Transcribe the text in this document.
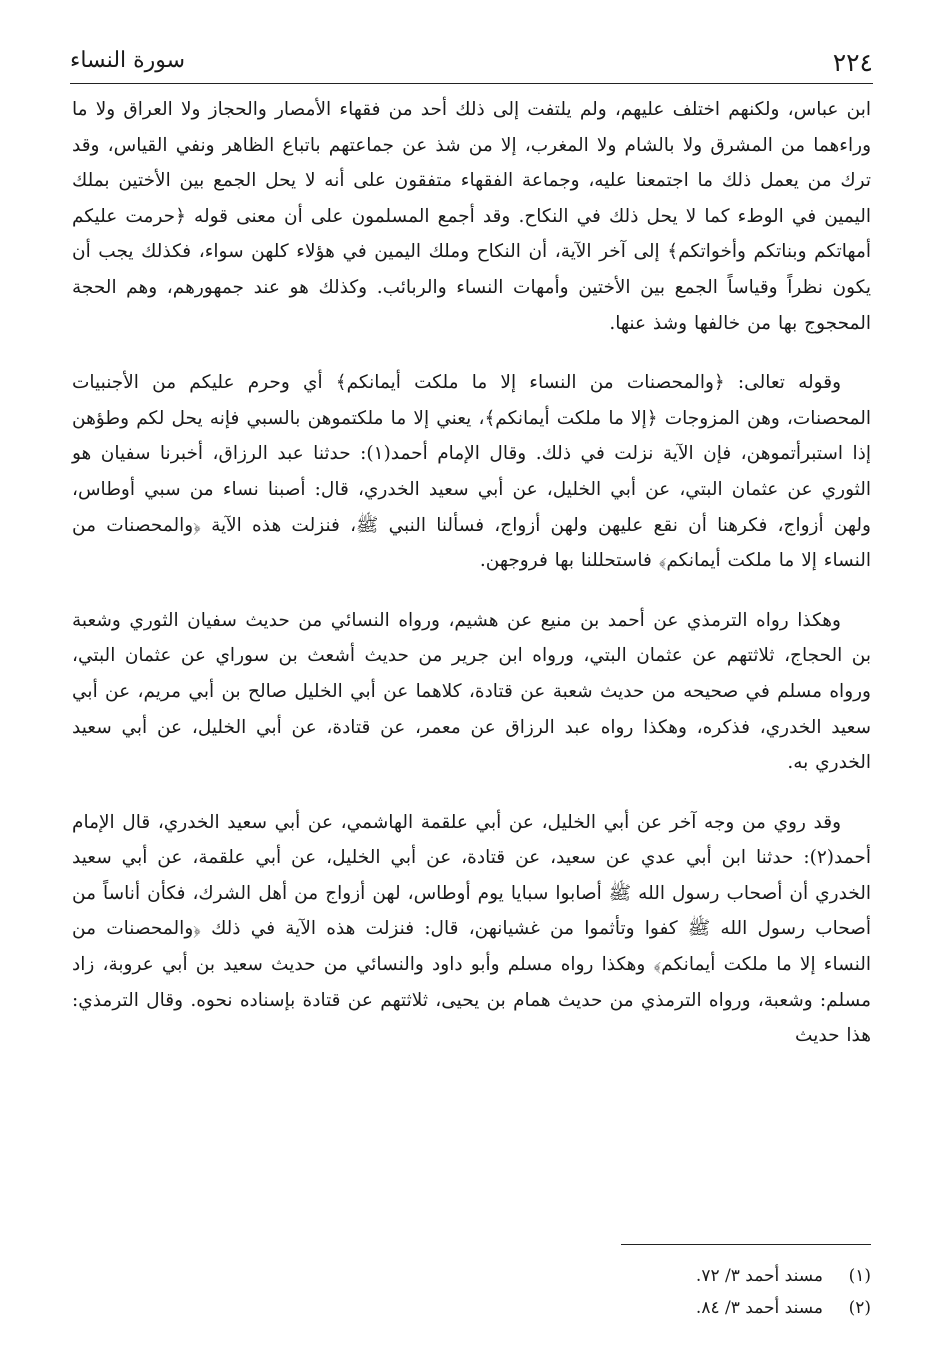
٢٢٤
سورة النساء

ابن عباس، ولكنهم اختلف عليهم، ولم يلتفت إلى ذلك أحد من فقهاء الأمصار والحجاز ولا العراق ولا ما وراءهما من المشرق ولا بالشام ولا المغرب، إلا من شذ عن جماعتهم باتباع الظاهر ونفي القياس، وقد ترك من يعمل ذلك ما اجتمعنا عليه، وجماعة الفقهاء متفقون على أنه لا يحل الجمع بين الأختين بملك اليمين في الوطء كما لا يحل ذلك في النكاح. وقد أجمع المسلمون على أن معنى قوله ﴿حرمت عليكم أمهاتكم وبناتكم وأخواتكم﴾ إلى آخر الآية، أن النكاح وملك اليمين في هؤلاء كلهن سواء، فكذلك يجب أن يكون نظراً وقياساً الجمع بين الأختين وأمهات النساء والربائب. وكذلك هو عند جمهورهم، وهم الحجة المحجوج بها من خالفها وشذ عنها.

وقوله تعالى: ﴿والمحصنات من النساء إلا ما ملكت أيمانكم﴾ أي وحرم عليكم من الأجنبيات المحصنات، وهن المزوجات ﴿إلا ما ملكت أيمانكم﴾، يعني إلا ما ملكتموهن بالسبي فإنه يحل لكم وطؤهن إذا استبرأتموهن، فإن الآية نزلت في ذلك. وقال الإمام أحمد(١): حدثنا عبد الرزاق، أخبرنا سفيان هو الثوري عن عثمان البتي، عن أبي الخليل، عن أبي سعيد الخدري، قال: أصبنا نساء من سبي أوطاس، ولهن أزواج، فكرهنا أن نقع عليهن ولهن أزواج، فسألنا النبي ﷺ، فنزلت هذه الآية ﴿والمحصنات من النساء إلا ما ملكت أيمانكم﴾ فاستحللنا بها فروجهن.

وهكذا رواه الترمذي عن أحمد بن منيع عن هشيم، ورواه النسائي من حديث سفيان الثوري وشعبة بن الحجاج، ثلاثتهم عن عثمان البتي، ورواه ابن جرير من حديث أشعث بن سوراي عن عثمان البتي، ورواه مسلم في صحيحه من حديث شعبة عن قتادة، كلاهما عن أبي الخليل صالح بن أبي مريم، عن أبي سعيد الخدري، فذكره، وهكذا رواه عبد الرزاق عن معمر، عن قتادة، عن أبي الخليل، عن أبي سعيد الخدري به.

وقد روي من وجه آخر عن أبي الخليل، عن أبي علقمة الهاشمي، عن أبي سعيد الخدري، قال الإمام أحمد(٢): حدثنا ابن أبي عدي عن سعيد، عن قتادة، عن أبي الخليل، عن أبي علقمة، عن أبي سعيد الخدري أن أصحاب رسول الله ﷺ أصابوا سبايا يوم أوطاس، لهن أزواج من أهل الشرك، فكأن أناساً من أصحاب رسول الله ﷺ كفوا وتأثموا من غشيانهن، قال: فنزلت هذه الآية في ذلك ﴿والمحصنات من النساء إلا ما ملكت أيمانكم﴾ وهكذا رواه مسلم وأبو داود والنسائي من حديث سعيد بن أبي عروبة، زاد مسلم: وشعبة، ورواه الترمذي من حديث همام بن يحيى، ثلاثتهم عن قتادة بإسناده نحوه. وقال الترمذي: هذا حديث

(١)
مسند أحمد ٣/ ٧٢.
(٢)
مسند أحمد ٣/ ٨٤.
